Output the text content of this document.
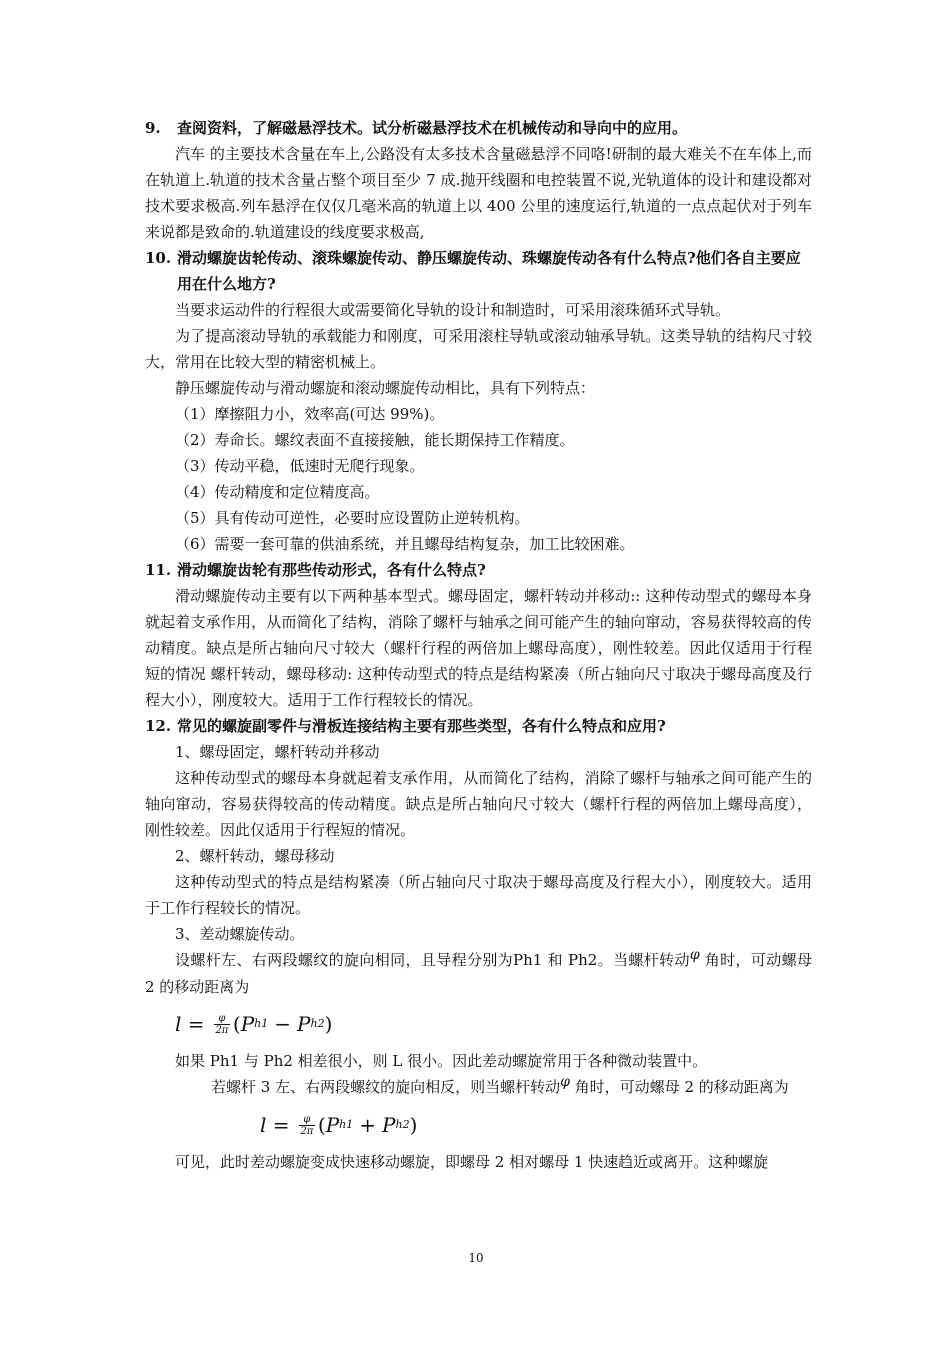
9.	查阅资料，了解磁悬浮技术。试分析磁悬浮技术在机械传动和导向中的应用。
汽车 的主要技术含量在车上,公路没有太多技术含量磁悬浮不同咯!研制的最大难关不在车体上,而在轨道上.轨道的技术含量占整个项目至少 7 成.抛开线圈和电控装置不说,光轨道体的设计和建设都对技术要求极高.列车悬浮在仅仅几毫米高的轨道上以 400 公里的速度运行,轨道的一点点起伏对于列车来说都是致命的.轨道建设的线度要求极高,
10. 滑动螺旋齿轮传动、滚珠螺旋传动、静压螺旋传动、珠螺旋传动各有什么特点?他们各自主要应用在什么地方?
当要求运动件的行程很大或需要简化导轨的设计和制造时，可采用滚珠循环式导轨。
为了提高滚动导轨的承载能力和刚度，可采用滚柱导轨或滚动轴承导轨。这类导轨的结构尺寸较大，常用在比较大型的精密机械上。
静压螺旋传动与滑动螺旋和滚动螺旋传动相比，具有下列特点：
（1）摩擦阻力小，效率高(可达 99%)。
（2）寿命长。螺纹表面不直接接触，能长期保持工作精度。
（3）传动平稳，低速时无爬行现象。
（4）传动精度和定位精度高。
（5）具有传动可逆性，必要时应设置防止逆转机构。
（6）需要一套可靠的供油系统，并且螺母结构复杂，加工比较困难。
11. 滑动螺旋齿轮有那些传动形式，各有什么特点?
滑动螺旋传动主要有以下两种基本型式。螺母固定，螺杆转动并移动:: 这种传动型式的螺母本身就起着支承作用，从而简化了结构，消除了螺杆与轴承之间可能产生的轴向窜动，容易获得较高的传动精度。缺点是所占轴向尺寸较大（螺杆行程的两倍加上螺母高度），刚性较差。因此仅适用于行程短的情况 螺杆转动，螺母移动: 这种传动型式的特点是结构紧凑（所占轴向尺寸取决于螺母高度及行程大小），刚度较大。适用于工作行程较长的情况。
12. 常见的螺旋副零件与滑板连接结构主要有那些类型，各有什么特点和应用?
1、螺母固定，螺杆转动并移动
这种传动型式的螺母本身就起着支承作用，从而简化了结构，消除了螺杆与轴承之间可能产生的轴向窜动，容易获得较高的传动精度。缺点是所占轴向尺寸较大（螺杆行程的两倍加上螺母高度），刚性较差。因此仅适用于行程短的情况。
2、螺杆转动，螺母移动
这种传动型式的特点是结构紧凑（所占轴向尺寸取决于螺母高度及行程大小），刚度较大。适用于工作行程较长的情况。
3、差动螺旋传动。
设螺杆左、右两段螺纹的旋向相同，且导程分别为Ph1 和 Ph2。当螺杆转动φ 角时，可动螺母 2 的移动距离为
$l = \frac{\varphi}{2\pi}$ ( P h1 − P h2 )
如果 Ph1 与 Ph2 相差很小，则 L 很小。因此差动螺旋常用于各种微动装置中。
若螺杆 3 左、右两段螺纹的旋向相反，则当螺杆转动φ 角时，可动螺母 2 的移动距离为
$l = \frac{\varphi}{2\pi}$ ( P h1 + P h2 )
可见，此时差动螺旋变成快速移动螺旋，即螺母 2 相对螺母 1 快速趋近或离开。这种螺旋
10
